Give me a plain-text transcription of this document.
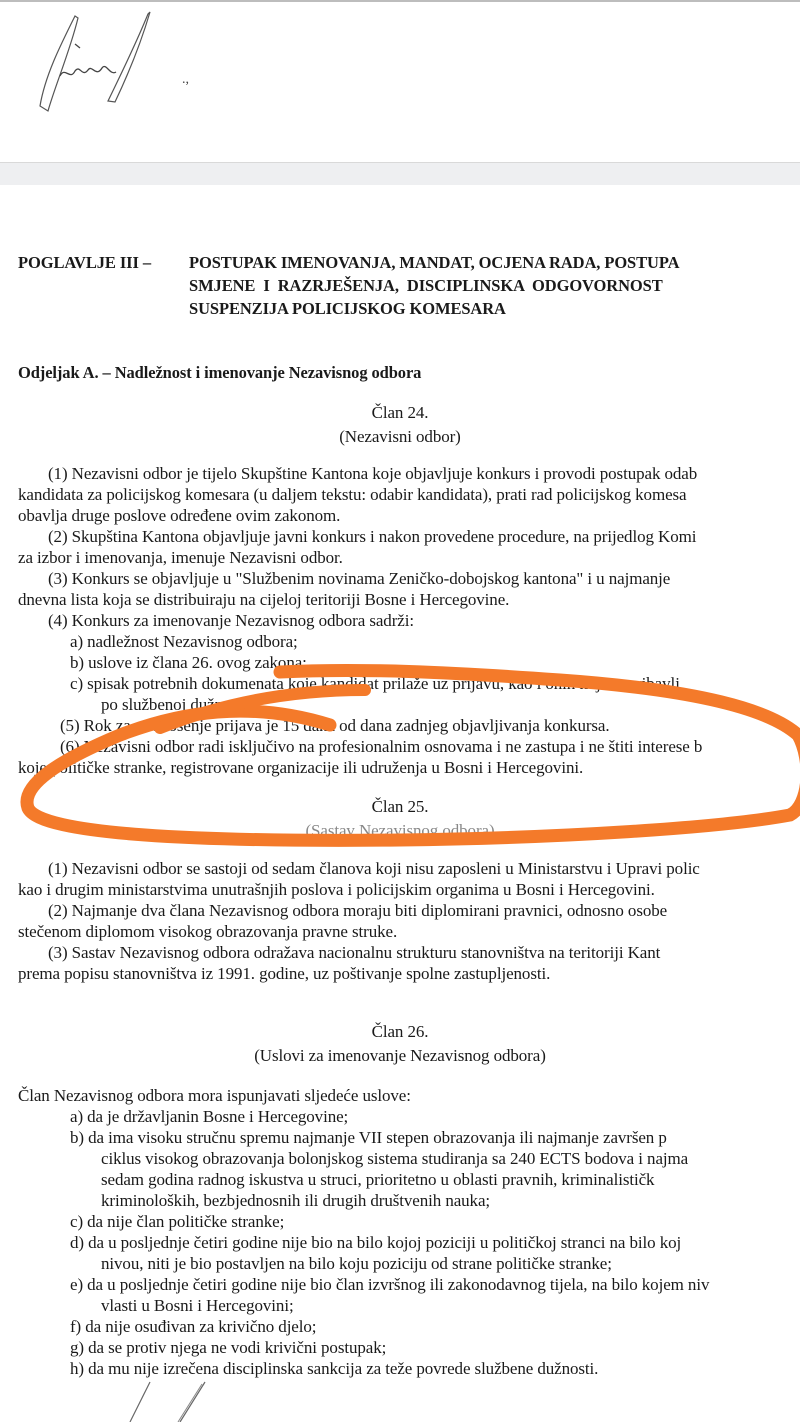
.,
POGLAVLJE III – POSTUPAK IMENOVANJA, MANDAT, OCJENA RADA, POSTUPA
SMJENE I RAZRJEŠENJA, DISCIPLINSKA ODGOVORNOST
SUSPENZIJA POLICIJSKOG KOMESARA
Odjeljak A. – Nadležnost i imenovanje Nezavisnog odbora
Član 24.
(Nezavisni odbor)
(1) Nezavisni odbor je tijelo Skupštine Kantona koje objavljuje konkurs i provodi postupak odab
kandidata za policijskog komesara (u daljem tekstu: odabir kandidata), prati rad policijskog komesa
obavlja druge poslove određene ovim zakonom.
(2) Skupština Kantona objavljuje javni konkurs i nakon provedene procedure, na prijedlog Komi
za izbor i imenovanja, imenuje Nezavisni odbor.
(3) Konkurs se objavljuje u "Službenim novinama Zeničko-dobojskog kantona" i u najmanje
dnevna lista koja se distribuiraju na cijeloj teritoriji Bosne i Hercegovine.
(4) Konkurs za imenovanje Nezavisnog odbora sadrži:
a) nadležnost Nezavisnog odbora;
b) uslove iz člana 26. ovog zakona;
c) spisak potrebnih dokumenata koje kandidat prilaže uz prijavu, kao i onih koji se pribavlj
po službenoj dužnosti
(5) Rok za podnošenje prijava je 15 dana od dana zadnjeg objavljivanja konkursa.
(6) Nezavisni odbor radi isključivo na profesionalnim osnovama i ne zastupa i ne štiti interese b
koje političke stranke, registrovane organizacije ili udruženja u Bosni i Hercegovini.
Član 25.
(Sastav Nezavisnog odbora)
(1) Nezavisni odbor se sastoji od sedam članova koji nisu zaposleni u Ministarstvu i Upravi polic
kao i drugim ministarstvima unutrašnjih poslova i policijskim organima u Bosni i Hercegovini.
(2) Najmanje dva člana Nezavisnog odbora moraju biti diplomirani pravnici, odnosno osobe
stečenom diplomom visokog obrazovanja pravne struke.
(3) Sastav Nezavisnog odbora odražava nacionalnu strukturu stanovništva na teritoriji Kant
prema popisu stanovništva iz 1991. godine, uz poštivanje spolne zastupljenosti.
Član 26.
(Uslovi za imenovanje Nezavisnog odbora)
Član Nezavisnog odbora mora ispunjavati sljedeće uslove:
a) da je državljanin Bosne i Hercegovine;
b) da ima visoku stručnu spremu najmanje VII stepen obrazovanja ili najmanje završen p
ciklus visokog obrazovanja bolonjskog sistema studiranja sa 240 ECTS bodova i najma
sedam godina radnog iskustva u struci, prioritetno u oblasti pravnih, kriminalističk
kriminoloških, bezbjednosnih ili drugih društvenih nauka;
c) da nije član političke stranke;
d) da u posljednje četiri godine nije bio na bilo kojoj poziciji u političkoj stranci na bilo koj
nivou, niti je bio postavljen na bilo koju poziciju od strane političke stranke;
e) da u posljednje četiri godine nije bio član izvršnog ili zakonodavnog tijela, na bilo kojem niv
vlasti u Bosni i Hercegovini;
f) da nije osuđivan za krivično djelo;
g) da se protiv njega ne vodi krivični postupak;
h) da mu nije izrečena disciplinska sankcija za teže povrede službene dužnosti.
